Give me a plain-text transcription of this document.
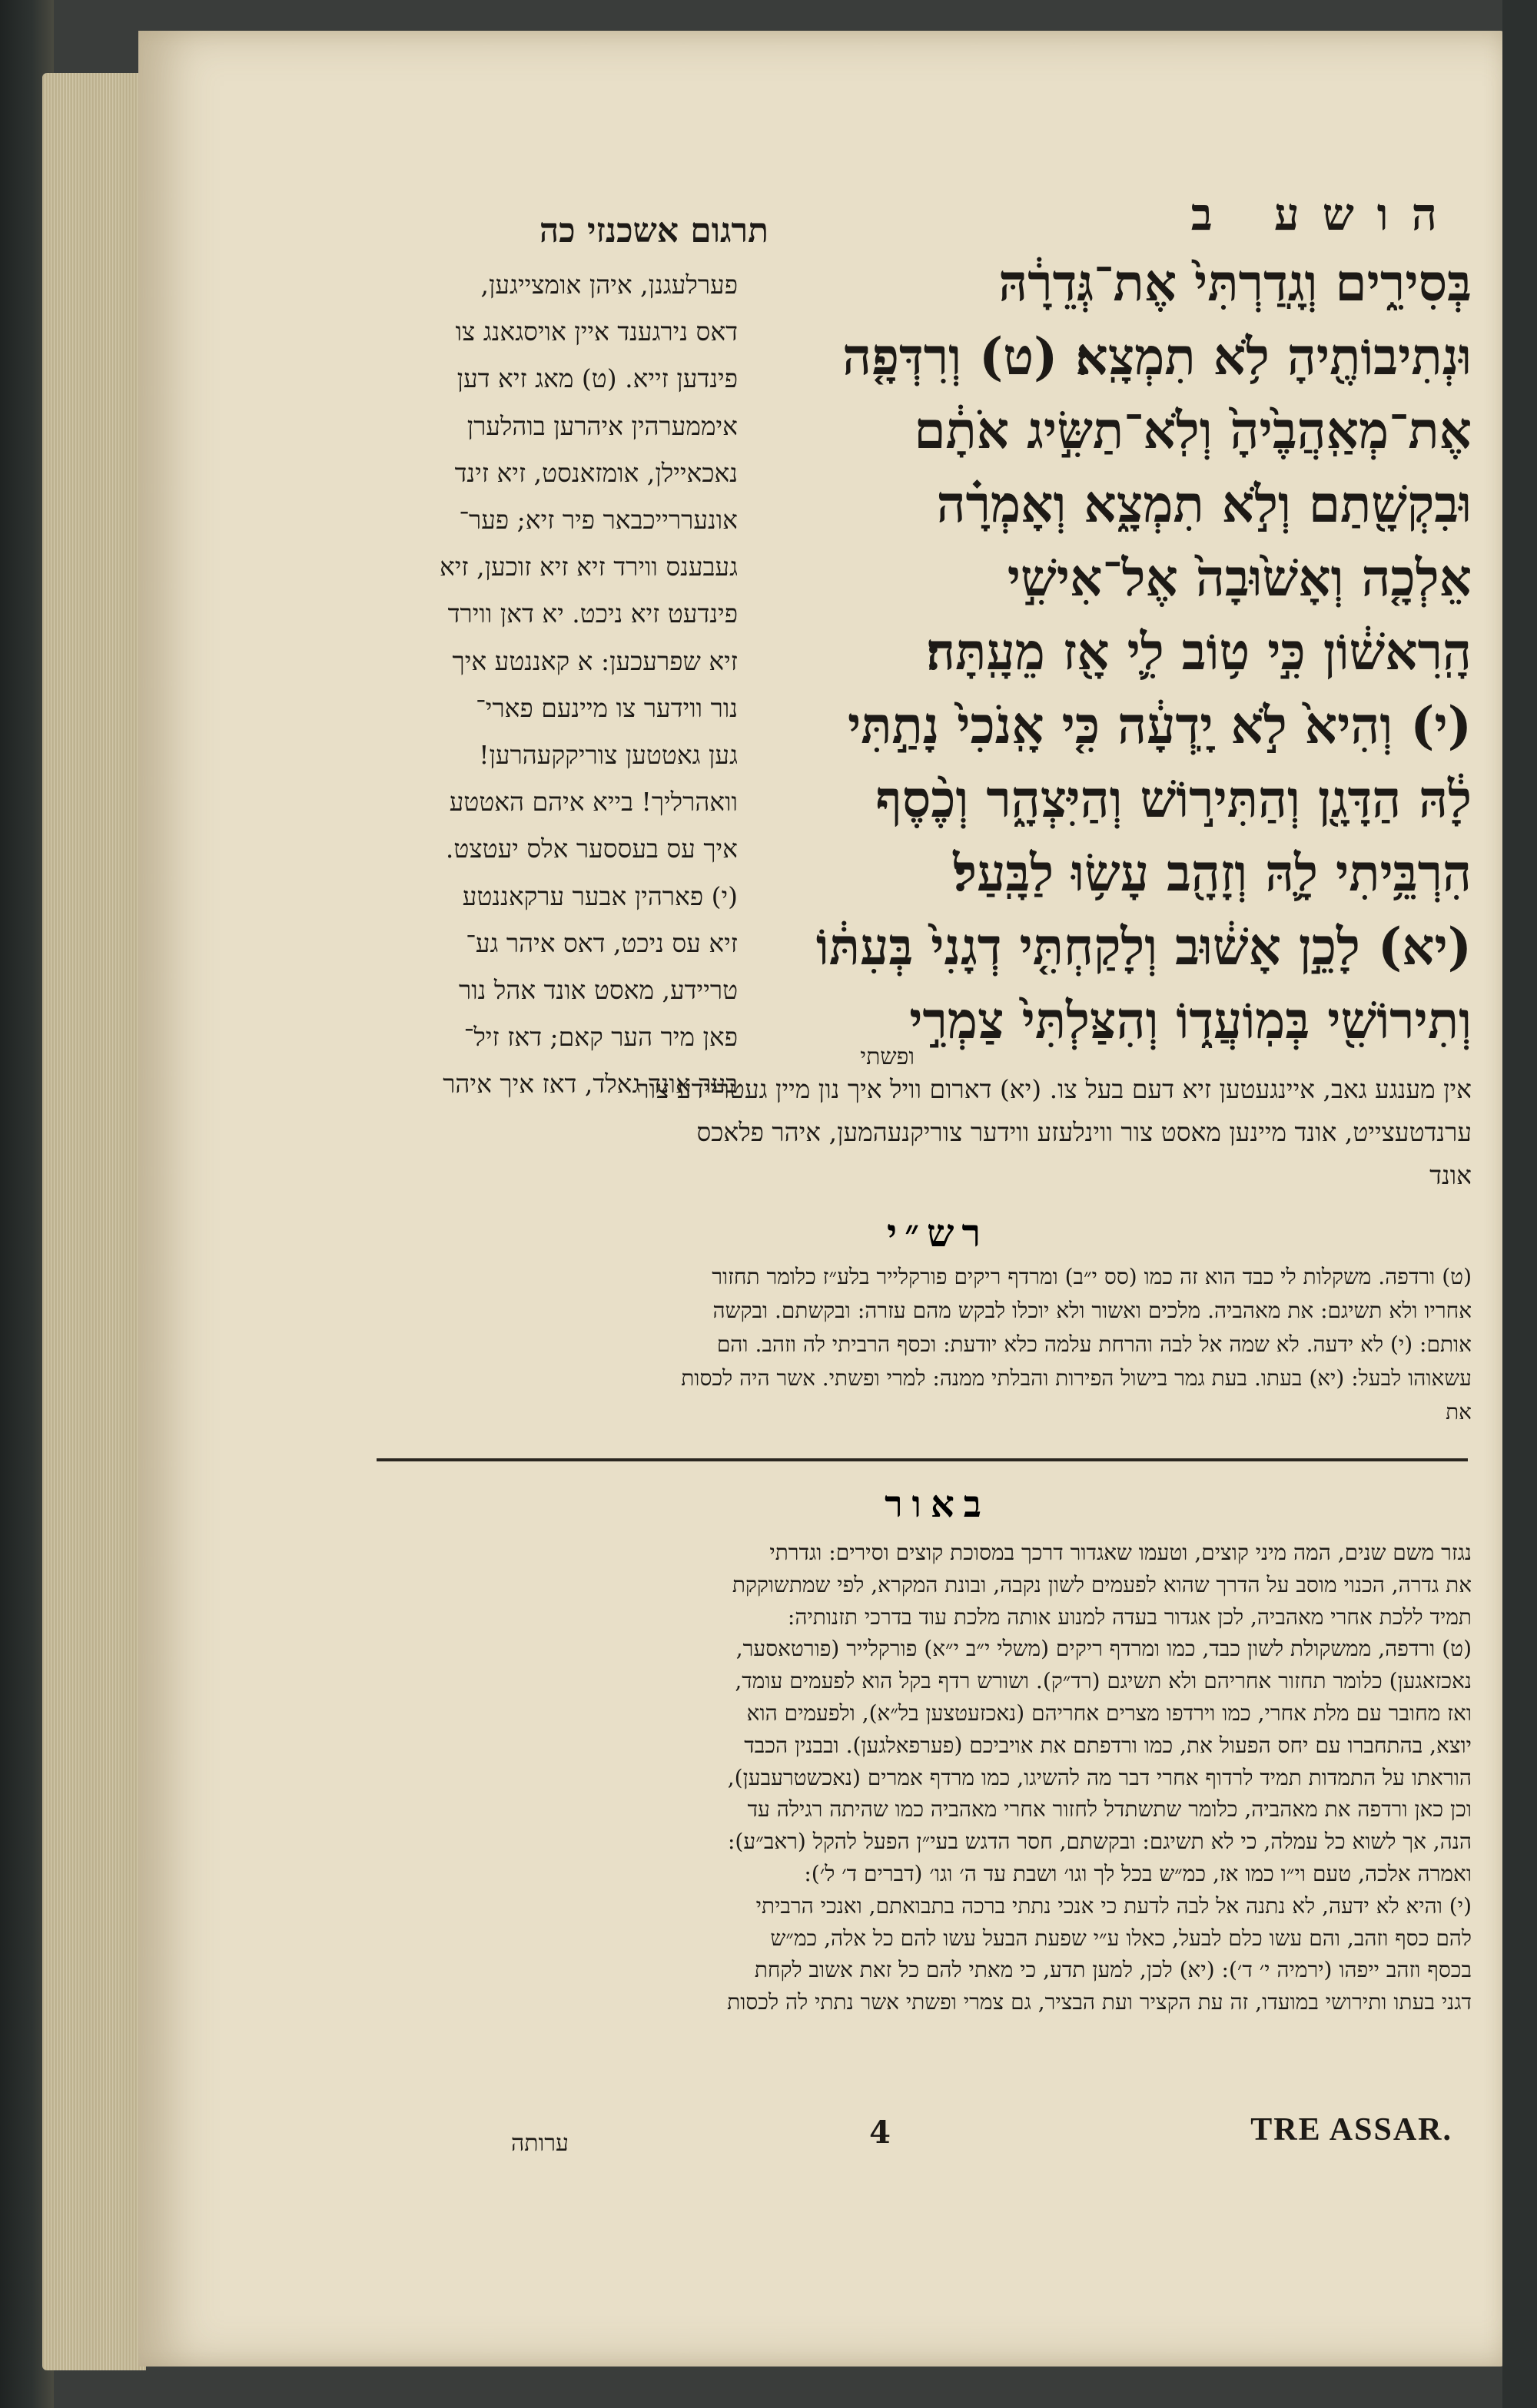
הושע ב
תרגום אשכנזי כה

בְּסִירִ֑ים וְגָֽדַרְתִּי֙ אֶת־גְּדֵרָ֔הּ

וּנְתִיבוֹתֶ֖יהָ לֹ֥א תִמְצָֽא׃ (ט) וְרִדְּפָ֤ה

אֶת־מְאַֽהֲבֶ֙יהָ֙ וְלֹֽא־תַשִּׂ֣יג אֹתָ֔ם

וּבִקְשָׁ֖תַם וְלֹ֣א תִמְצָ֑א וְאָמְרָ֗ה

אֵלְכָ֤ה וְאָשׁ֙וּבָה֙ אֶל־אִישִׁ֣י

הָֽרִאשׁ֔וֹן כִּ֣י ט֥וֹב לִ֛י אָ֖ז מֵעָֽתָּה׃

(י) וְהִיא֙ לֹ֣א יָֽדְעָ֔ה כִּ֤י אָֽנֹכִי֙ נָתַ֣תִּי

לָ֔הּ הַדָּגָ֖ן וְהַתִּיר֣וֹשׁ וְהַיִּצְהָ֑ר וְכֶ֨סֶף

הִרְבֵּ֥יתִי לָ֛הּ וְזָהָ֖ב עָשׂ֥וּ לַבָּֽעַל׃

(יא) לָכֵ֣ן אָשׁ֔וּב וְלָקַחְתִּ֤י דְגָנִי֙ בְּעִתּ֔וֹ

וְתִירוֹשִׁ֖י בְּמֽוֹעֲד֑וֹ וְהִצַּלְתִּי֙ צַמְרִ֣י

ופשתי

פערלעגנן, איהן אומצייגען,

דאס נירגענד איין אויסגאנג צו

פינדען זייא. (ט) מאג זיא דען

איממערהין איהרען בוהלערן

נאכאיילן, אומזאנסט, זיא זינד

אונעררייכבאר פיר זיא; פער־

געבענס ווירד זיא זיא זוכען, זיא

פינדעט זיא ניכט. יא דאן ווירד

זיא שפרעכען: א קאננטע איך

נור ווידער צו מיינעם פארי־

גען גאטטען צוריקקעהרען!

וואהרליך! בייא איהם האטטע

איך עס בעססער אלס יעטצט.

(י) פארהין אבער ערקאננטע

זיא עס ניכט, דאס איהר גע־

טריידע, מאסט אונד אהל נור

פאן מיר הער קאם; דאז זיל־

בער אונד גאלד, דאז איך איהר

אין מענגע גאב, איינגעטען זיא דעם בעל צו. (יא) דארום וויל איך נון מיין געטריידע צור

ערנדטעצייט, אונד מיינען מאסט צור ווינלעזע ווידער צוריקנעהמען, איהר פלאכס

אונד

רש״י

(ט) ורדפה. משקלות לי כבד הוא זה כמו (סס י״ב) ומרדף ריקים פורקלייר בלע״ז כלומר תחזור

אחריו ולא תשיגם: את מאהביה. מלכים ואשור ולא יוכלו לבקש מהם עזרה: ובקשתם. ובקשה

אותם: (י) לא ידעה. לא שמה אל לבה והרחת עלמה כלא יודעת: וכסף הרביתי לה וזהב. והם

עשאוהו לבעל: (יא) בעתו. בעת גמר בישול הפירות והבלתי ממנה: למרי ופשתי. אשר היה לכסות

את

באור

נגזר משם שנים, המה מיני קוצים, וטעמו שאגדור דרכך במסוכת קוצים וסירים: וגדרתי

את גדרה, הכנוי מוסב על הדרך שהוא לפעמים לשון נקבה, ובונת המקרא, לפי שמתשוקקת

תמיד ללכת אחרי מאהביה, לכן אגדור בעדה למנוע אותה מלכת עוד בדרכי תזנותיה:

(ט) ורדפה, ממשקולת לשון כבד, כמו ומרדף ריקים (משלי י״ב י״א) פורקלייר (פורטאסער,

נאכזאגען) כלומר תחזור אחריהם ולא תשיגם (רד״ק). ושורש רדף בקל הוא לפעמים עומד,

ואז מחובר עם מלת אחרי, כמו וירדפו מצרים אחריהם (נאכזעטצען בל״א), ולפעמים הוא

יוצא, בהתחברו עם יחס הפעול את, כמו ורדפתם את אויביכם (פערפאלגען). ובבנין הכבד

הוראתו על התמדות תמיד לרדוף אחרי דבר מה להשיגו, כמו מרדף אמרים (נאכשטרעבען),

וכן כאן ורדפה את מאהביה, כלומר שתשתדל לחזור אחרי מאהביה כמו שהיתה רגילה עד

הנה, אך לשוא כל עמלה, כי לא תשיגם: ובקשתם, חסר הדגש בעי״ן הפעל להקל (ראב״ע):

ואמרה אלכה, טעם וי״ו כמו אז, כמ״ש בכל לך וגו׳ ושבת עד ה׳ וגו׳ (דברים ד׳ ל׳):

(י) והיא לא ידעה, לא נתנה אל לבה לדעת כי אנכי נתתי ברכה בתבואתם, ואנכי הרביתי

להם כסף וזהב, והם עשו כלם לבעל, כאלו ע״י שפעת הבעל עשו להם כל אלה, כמ״ש

בכסף וזהב ייפהו (ירמיה י׳ ד׳): (יא) לכן, למען תדע, כי מאתי להם כל זאת אשוב לקחת

דגני בעתו ותירושי במועדו, זה עת הקציר ועת הבציר, גם צמרי ופשתי אשר נתתי לה לכסות

ערותה	4	TRE ASSAR.
